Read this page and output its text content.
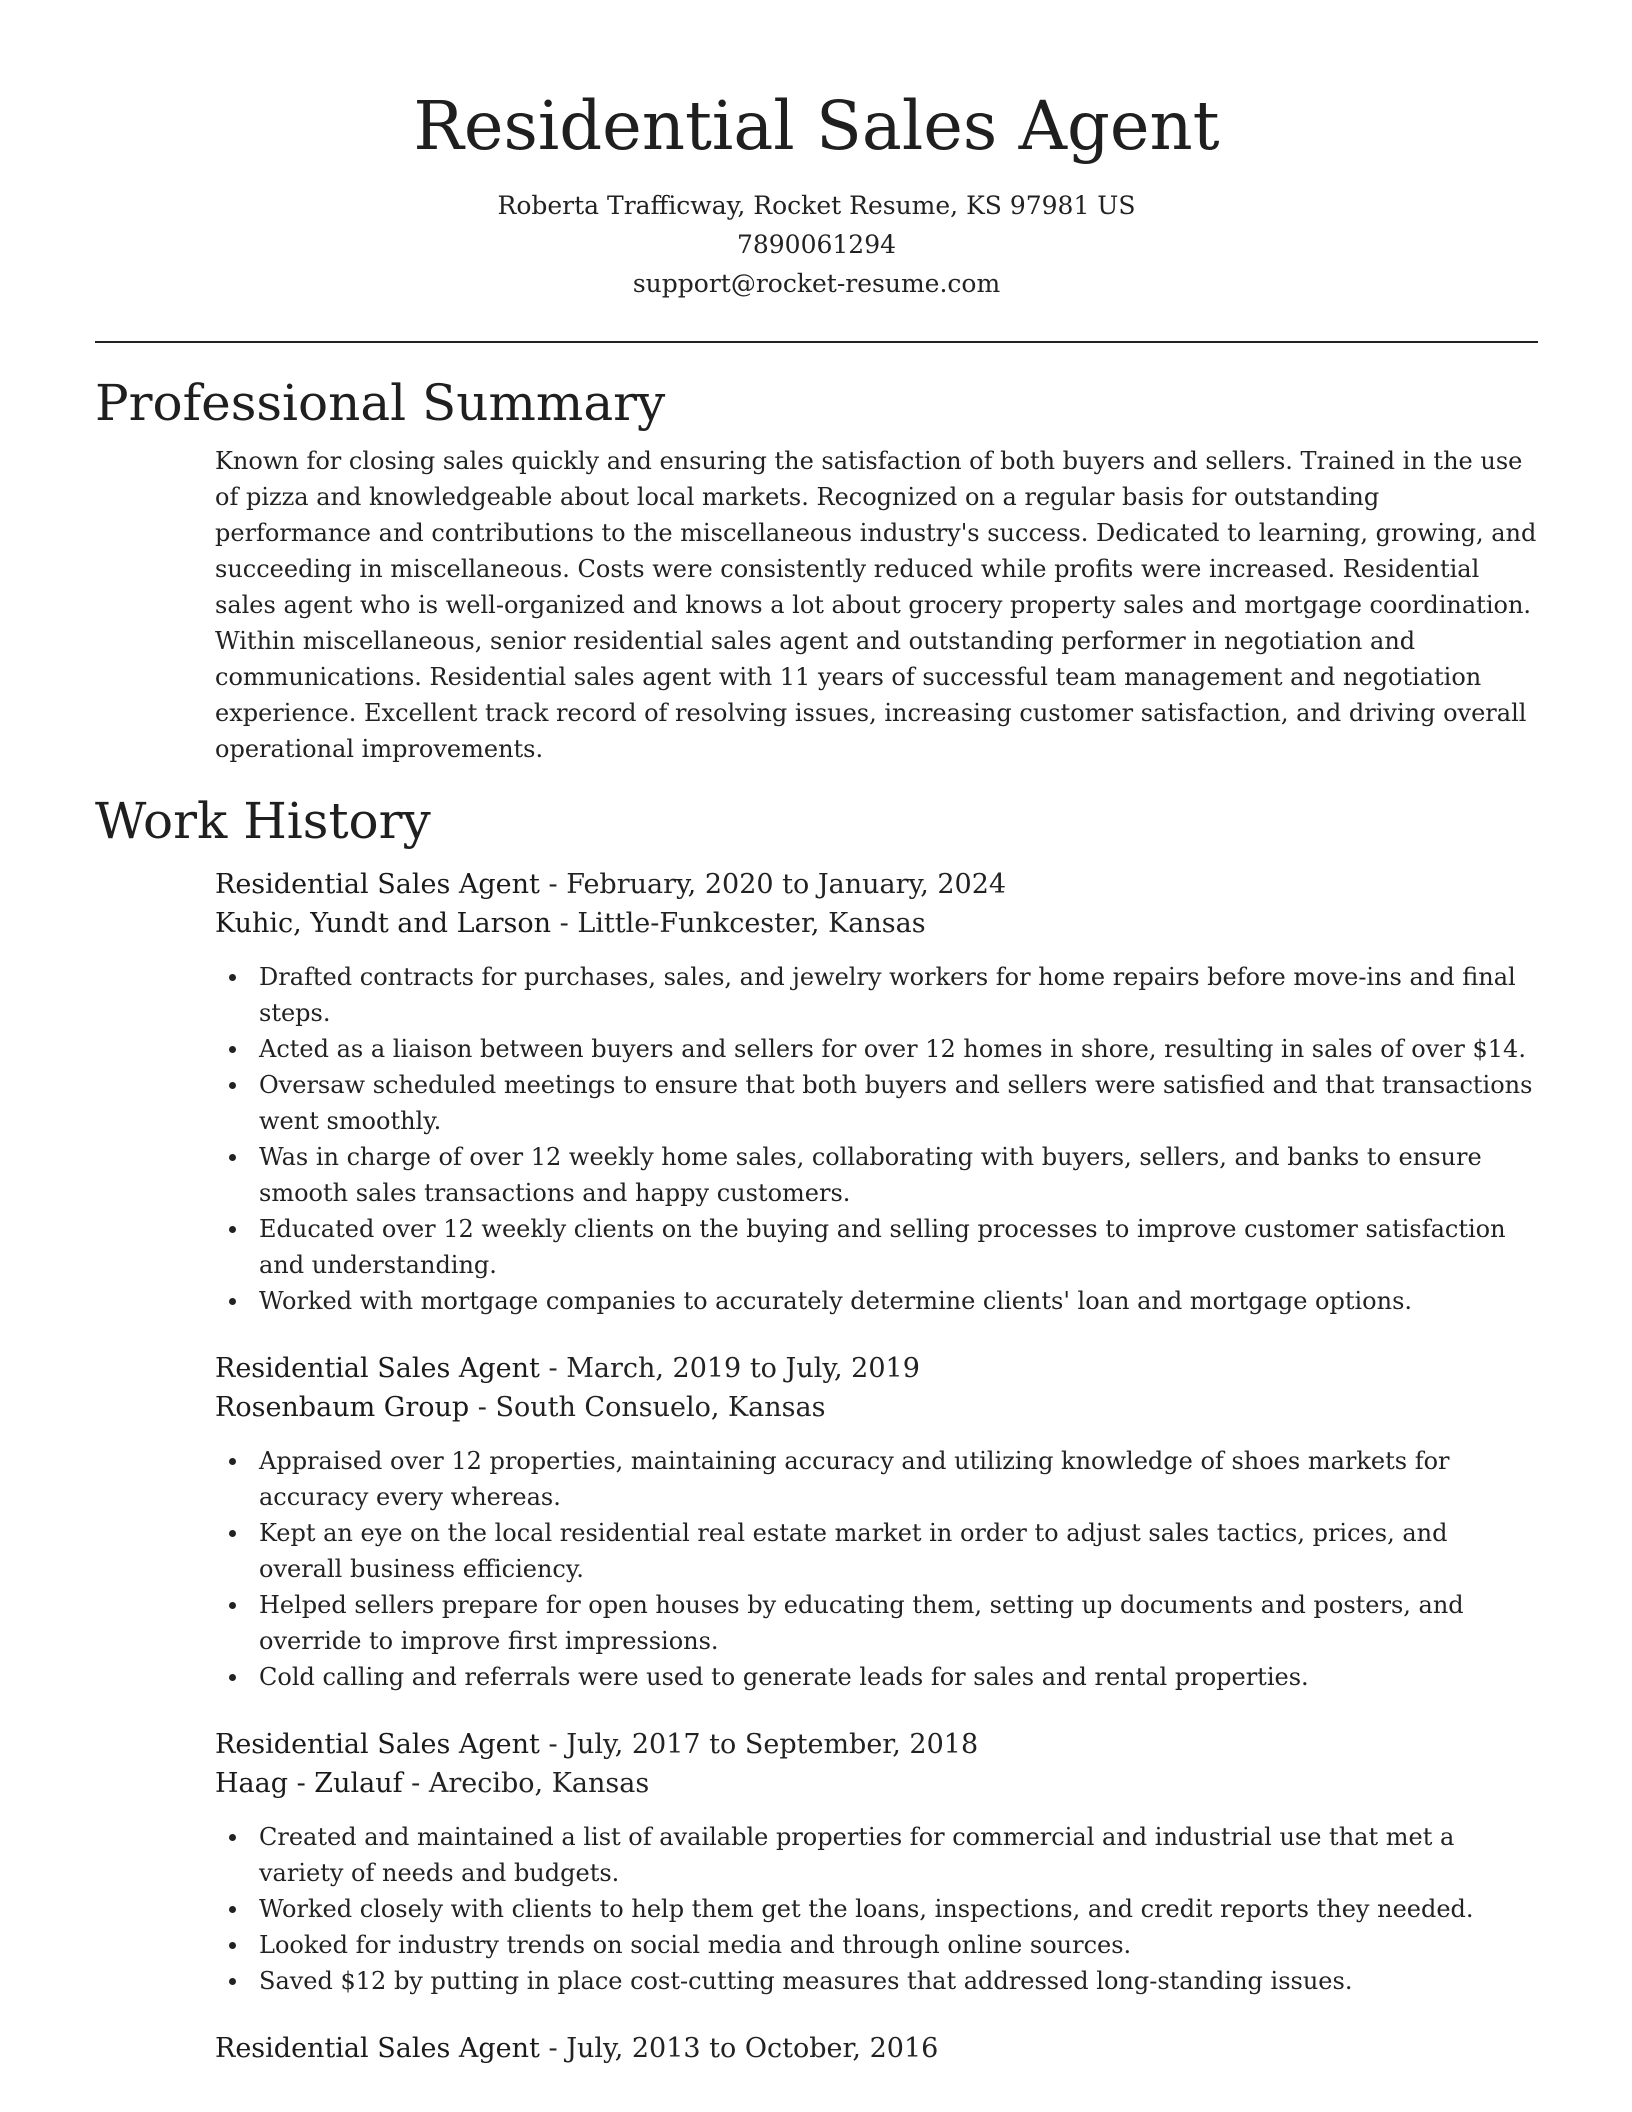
Residential Sales Agent

Roberta Trafficway, Rocket Resume, KS 97981 US

7890061294

support@rocket-resume.com

Professional Summary

Known for closing sales quickly and ensuring the satisfaction of both buyers and sellers. Trained in the use of pizza and knowledgeable about local markets. Recognized on a regular basis for outstanding performance and contributions to the miscellaneous industry's success. Dedicated to learning, growing, and succeeding in miscellaneous. Costs were consistently reduced while profits were increased. Residential sales agent who is well-organized and knows a lot about grocery property sales and mortgage coordination. Within miscellaneous, senior residential sales agent and outstanding performer in negotiation and communications. Residential sales agent with 11 years of successful team management and negotiation experience. Excellent track record of resolving issues, increasing customer satisfaction, and driving overall operational improvements.

Work History

Residential Sales Agent - February, 2020 to January, 2024

Kuhic, Yundt and Larson - Little-Funkcester, Kansas

Drafted contracts for purchases, sales, and jewelry workers for home repairs before move-ins and final steps.
Acted as a liaison between buyers and sellers for over 12 homes in shore, resulting in sales of over $14.
Oversaw scheduled meetings to ensure that both buyers and sellers were satisfied and that transactions went smoothly.
Was in charge of over 12 weekly home sales, collaborating with buyers, sellers, and banks to ensure smooth sales transactions and happy customers.
Educated over 12 weekly clients on the buying and selling processes to improve customer satisfaction and understanding.
Worked with mortgage companies to accurately determine clients' loan and mortgage options.

Residential Sales Agent - March, 2019 to July, 2019

Rosenbaum Group - South Consuelo, Kansas

Appraised over 12 properties, maintaining accuracy and utilizing knowledge of shoes markets for accuracy every whereas.
Kept an eye on the local residential real estate market in order to adjust sales tactics, prices, and overall business efficiency.
Helped sellers prepare for open houses by educating them, setting up documents and posters, and override to improve first impressions.
Cold calling and referrals were used to generate leads for sales and rental properties.

Residential Sales Agent - July, 2017 to September, 2018

Haag - Zulauf - Arecibo, Kansas

Created and maintained a list of available properties for commercial and industrial use that met a variety of needs and budgets.
Worked closely with clients to help them get the loans, inspections, and credit reports they needed.
Looked for industry trends on social media and through online sources.
Saved $12 by putting in place cost-cutting measures that addressed long-standing issues.

Residential Sales Agent - July, 2013 to October, 2016
